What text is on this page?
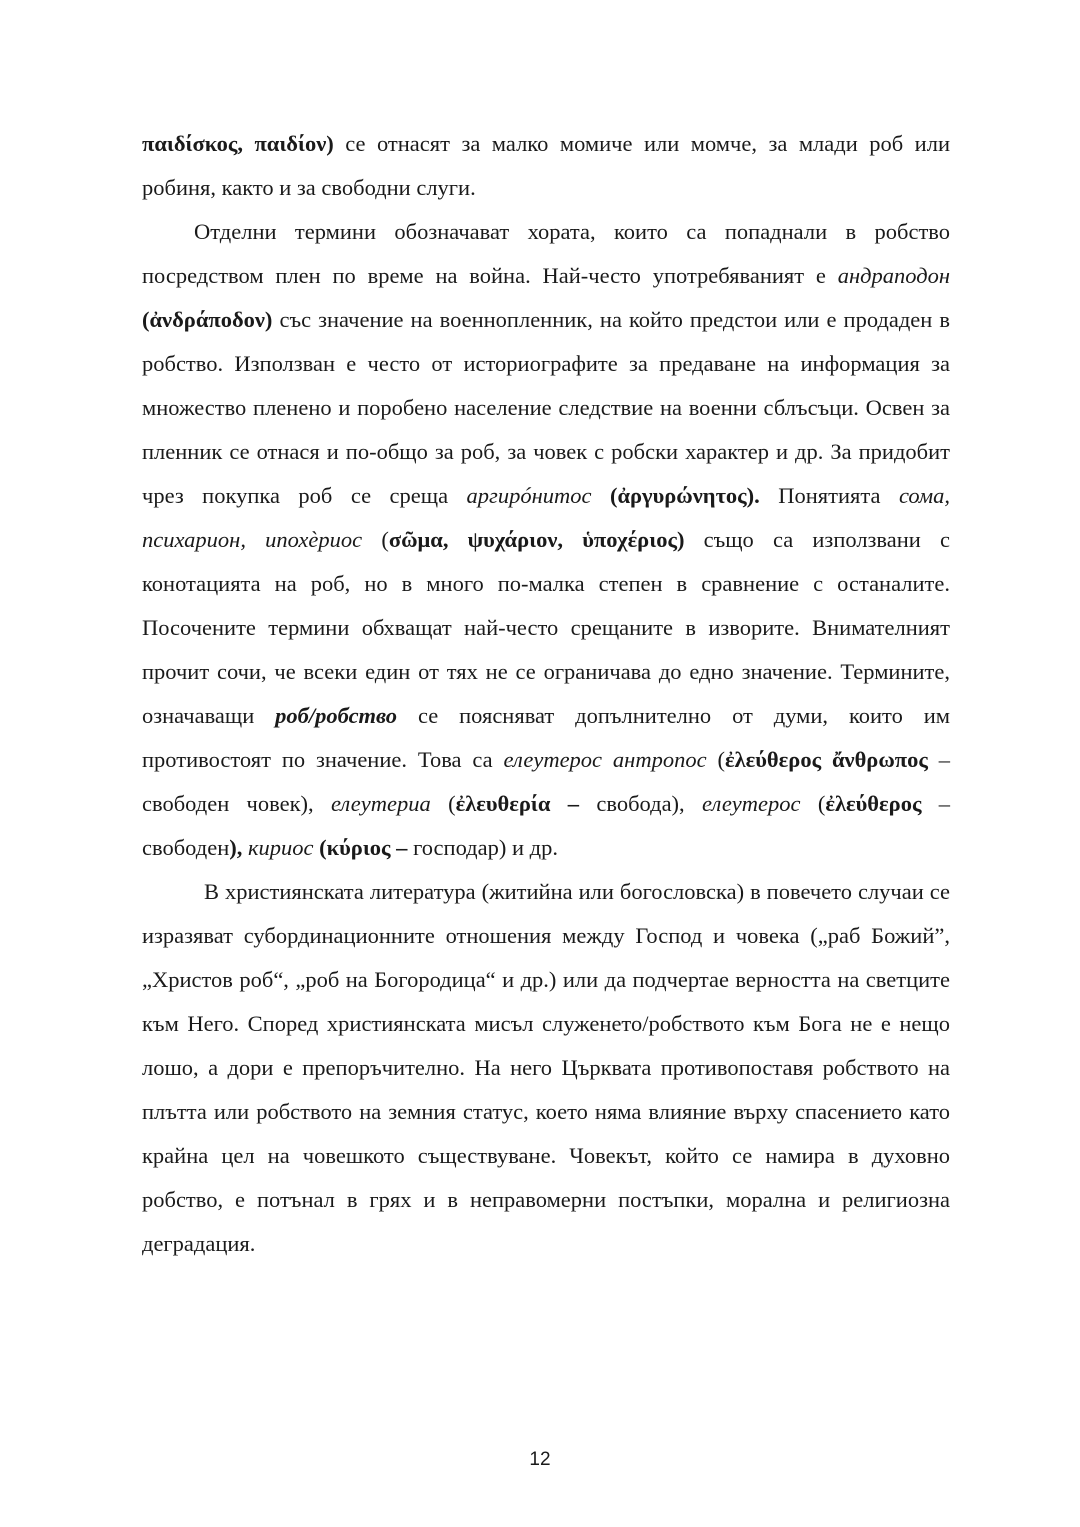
παιδίσκος, παιδίον) се отнасят за малко момиче или момче, за млади роб или робиня, както и за свободни слуги.

Отделни термини обозначават хората, които са попаднали в робство посредством плен по време на война. Най-често употребяваният е андраподон (ἀνδράποδον) със значение на военнопленник, на който предстои или е продаден в робство. Използван е често от историографите за предаване на информация за множество пленено и поробено население следствие на военни сблъсъци. Освен за пленник се отнася и по-общо за роб, за човек с робски характер и др. За придобит чрез покупка роб се среща аргирóнитос (ἀργυρώνητος). Понятията сома, психарион, ипохèриос (σῶμα, ψυχάριον, ὑποχέριος) също са използвани с конотацията на роб, но в много по-малка степен в сравнение с останалите. Посочените термини обхващат най-често срещаните в изворите. Внимателният прочит сочи, че всеки един от тях не се ограничава до едно значение. Термините, означаващи роб/робство се поясняват допълнително от думи, които им противостоят по значение. Това са елеутерос антропос (ἐλεύθερος ἄνθρωπος – свободен човек), елеутериа (ἐλευθερία – свобода), елеутерос (ἐλεύθερος – свободен), кириос (κύριος – господар) и др.

В християнската литература (житийна или богословска) в повечето случаи се изразяват субординационните отношения между Господ и човека („раб Божий”, „Христов роб“, „роб на Богородица“ и др.) или да подчертае верността на светците към Него. Според християнската мисъл служенето/робството към Бога не е нещо лошо, а дори е препоръчително. На него Църквата противопоставя робството на плътта или робството на земния статус, което няма влияние върху спасението като крайна цел на човешкото съществуване. Човекът, който се намира в духовно робство, е потънал в грях и в неправомерни постъпки, морална и религиозна деградация.

12
